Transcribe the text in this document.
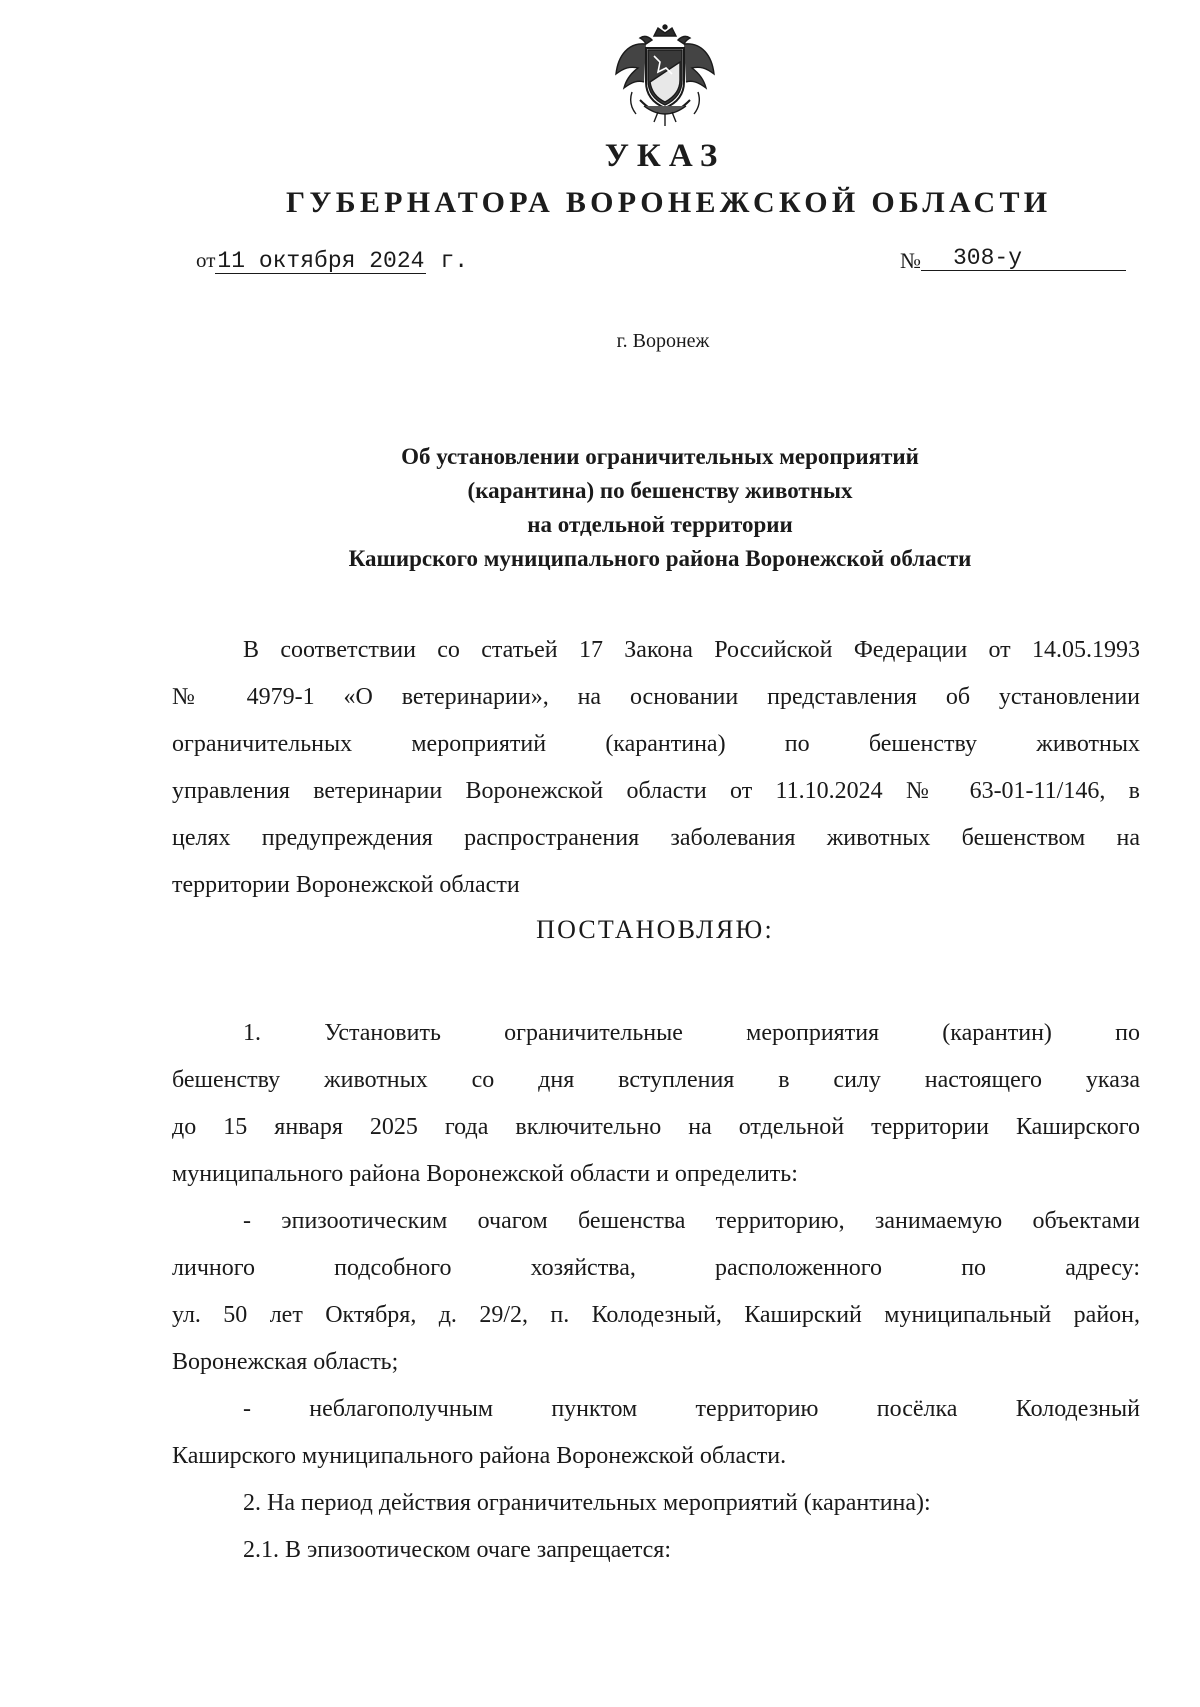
УКАЗ
ГУБЕРНАТОРА ВОРОНЕЖСКОЙ ОБЛАСТИ
от11 октября 2024 г.	№ 308-у
г. Воронеж
Об установлении ограничительных мероприятий
(карантина) по бешенству животных
на отдельной территории
Каширского муниципального района Воронежской области
В соответствии со статьей 17 Закона Российской Федерации от 14.05.1993
№ 4979-1 «О ветеринарии», на основании представления об установлении
ограничительных мероприятий (карантина) по бешенству животных
управления ветеринарии Воронежской области от 11.10.2024 № 63-01-11/146, в
целях предупреждения распространения заболевания животных бешенством на
территории Воронежской области
ПОСТАНОВЛЯЮ:
1. Установить ограничительные мероприятия (карантин) по
бешенству животных со дня вступления в силу настоящего указа
до 15 января 2025 года включительно на отдельной территории Каширского
муниципального района Воронежской области и определить:
- эпизоотическим очагом бешенства территорию, занимаемую объектами
личного подсобного хозяйства, расположенного по адресу:
ул. 50 лет Октября, д. 29/2, п. Колодезный, Каширский муниципальный район,
Воронежская область;
- неблагополучным пунктом территорию посёлка Колодезный
Каширского муниципального района Воронежской области.
2. На период действия ограничительных мероприятий (карантина):
2.1. В эпизоотическом очаге запрещается:
